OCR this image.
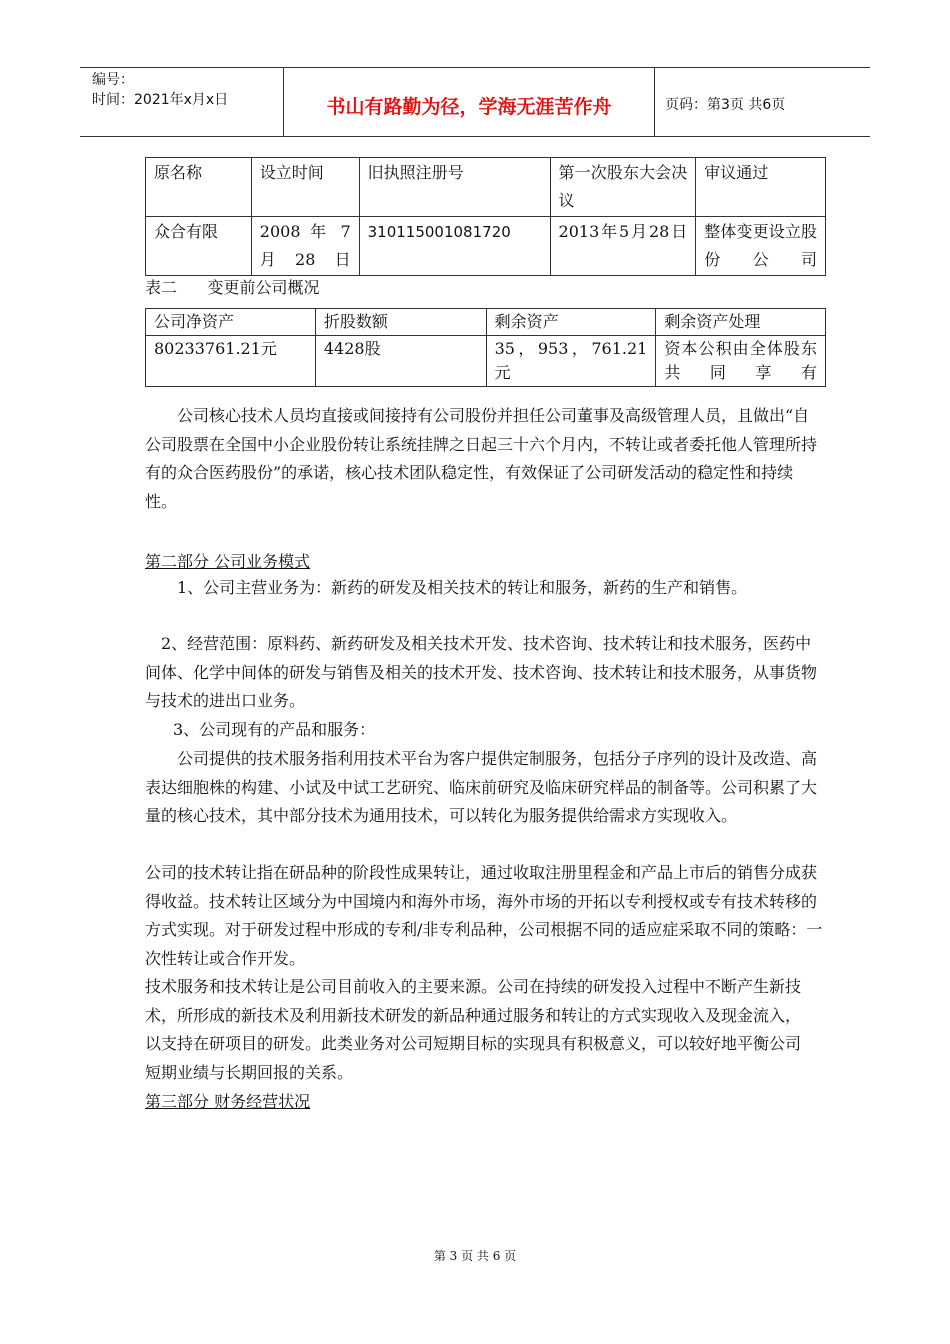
编号：
时间：2021年x月x日	书山有路勤为径，学海无涯苦作舟	页码：第3页 共6页
原名称	设立时间	旧执照注册号	第一次股东大会决议	审议通过
众合有限	2008 年 7 月28日	310115001081720	2013年5月28日	整体变更设立股份公司
表二      变更前公司概况
公司净资产	折股数额	剩余资产	剩余资产处理
80233761.21元	4428股	35，953，761.21元	资本公积由全体股东共同享有
公司核心技术人员均直接或间接持有公司股份并担任公司董事及高级管理人员，且做出“自公司股票在全国中小企业股份转让系统挂牌之日起三十六个月内，不转让或者委托他人管理所持有的众合医药股份”的承诺，核心技术团队稳定性，有效保证了公司研发活动的稳定性和持续性。
第二部分 公司业务模式
1、公司主营业务为：新药的研发及相关技术的转让和服务，新药的生产和销售。
2、经营范围：原料药、新药研发及相关技术开发、技术咨询、技术转让和技术服务，医药中间体、化学中间体的研发与销售及相关的技术开发、技术咨询、技术转让和技术服务，从事货物与技术的进出口业务。
3、公司现有的产品和服务：
公司提供的技术服务指利用技术平台为客户提供定制服务，包括分子序列的设计及改造、高表达细胞株的构建、小试及中试工艺研究、临床前研究及临床研究样品的制备等。公司积累了大量的核心技术，其中部分技术为通用技术，可以转化为服务提供给需求方实现收入。
公司的技术转让指在研品种的阶段性成果转让，通过收取注册里程金和产品上市后的销售分成获得收益。技术转让区域分为中国境内和海外市场，海外市场的开拓以专利授权或专有技术转移的方式实现。对于研发过程中形成的专利/非专利品种，公司根据不同的适应症采取不同的策略：一次性转让或合作开发。
技术服务和技术转让是公司目前收入的主要来源。公司在持续的研发投入过程中不断产生新技术，所形成的新技术及利用新技术研发的新品种通过服务和转让的方式实现收入及现金流入，以支持在研项目的研发。此类业务对公司短期目标的实现具有积极意义，可以较好地平衡公司短期业绩与长期回报的关系。
第三部分 财务经营状况
第 3 页 共 6 页
